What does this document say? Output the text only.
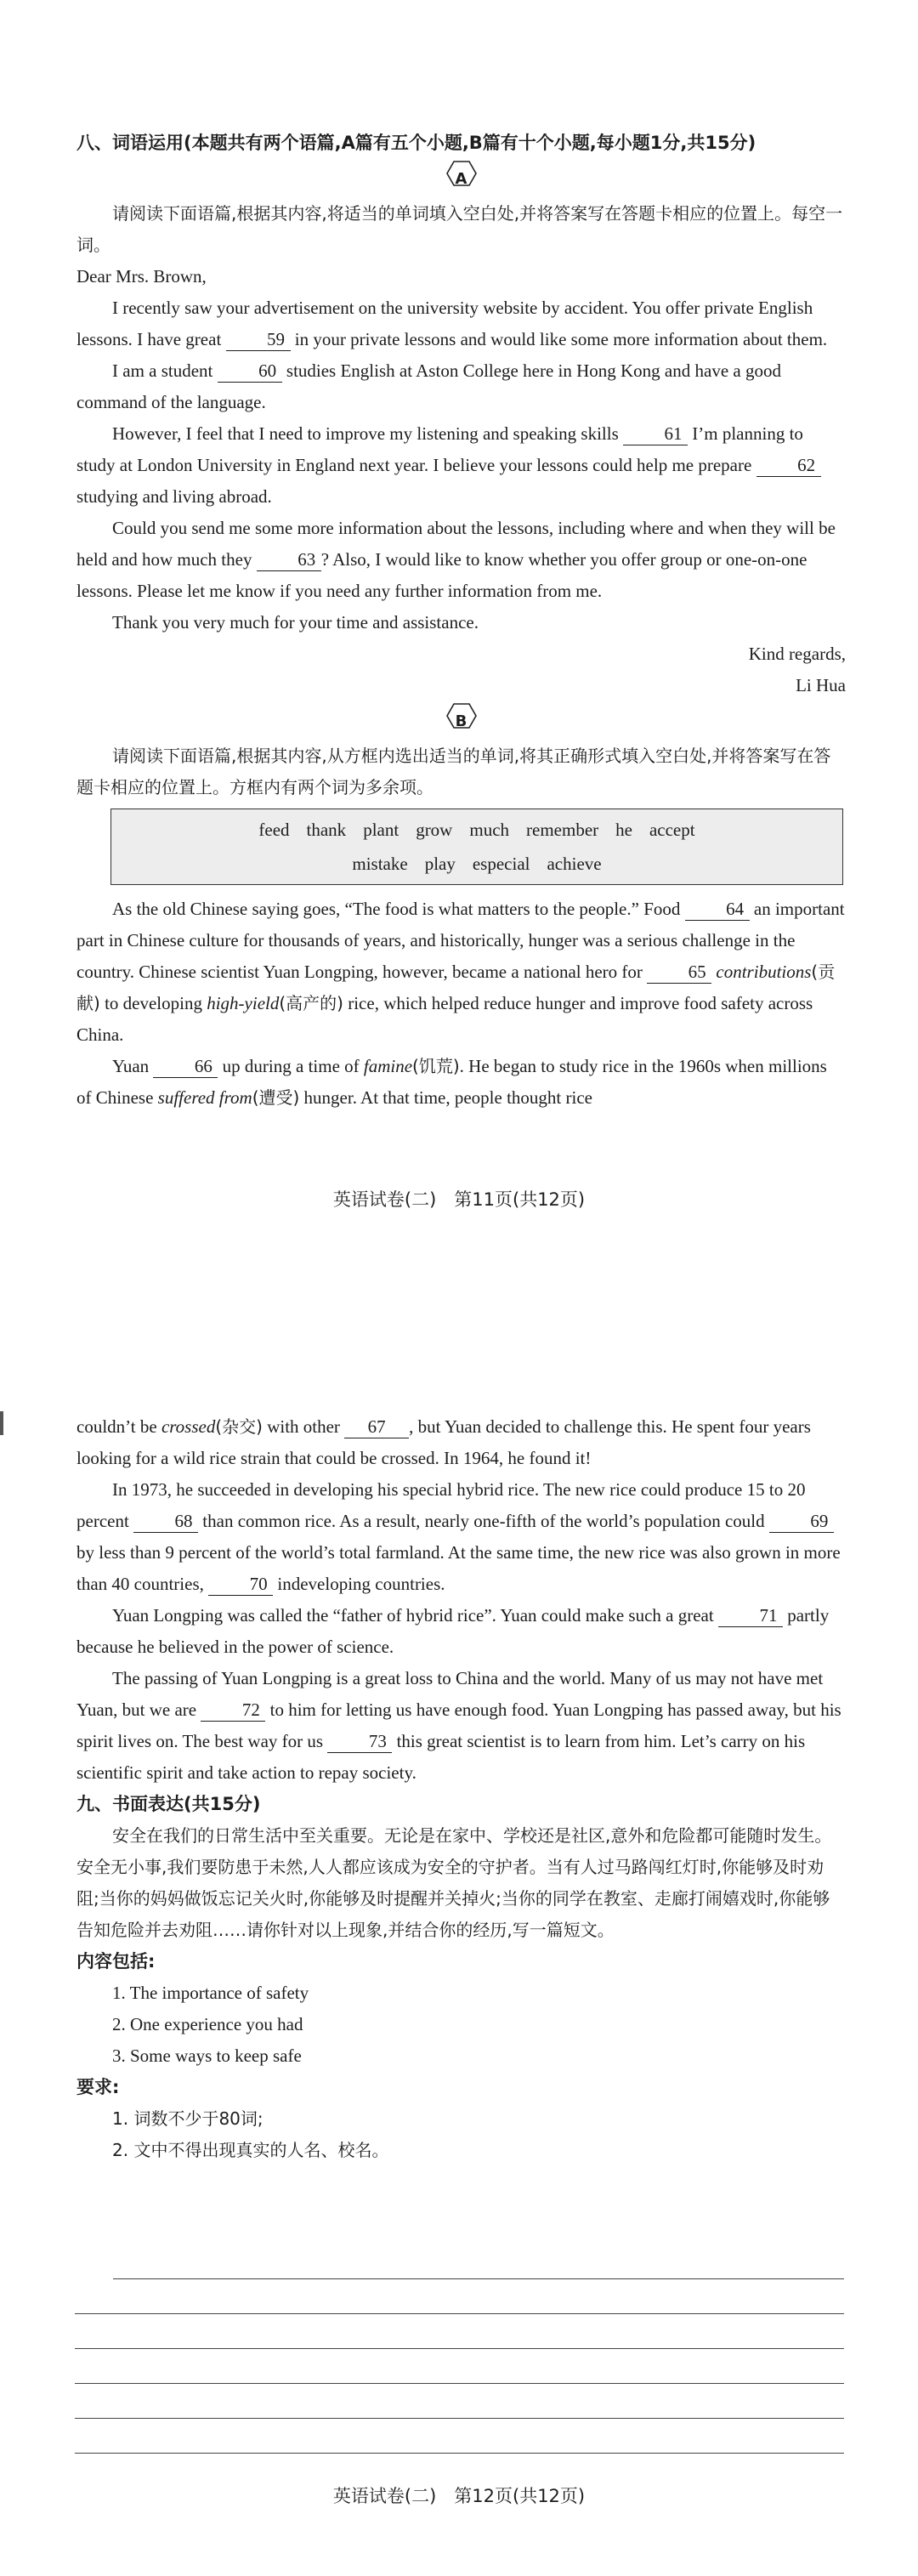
八、词语运用(本题共有两个语篇,A篇有五个小题,B篇有十个小题,每小题1分,共15分)
A

请阅读下面语篇,根据其内容,将适当的单词填入空白处,并将答案写在答题卡相应的位置上。每空一词。

Dear Mrs. Brown,

I recently saw your advertisement on the university website by accident. You offer private English lessons. I have great 59 in your private lessons and would like some more information about them.

I am a student 60 studies English at Aston College here in Hong Kong and have a good command of the language.

However, I feel that I need to improve my listening and speaking skills 61 I’m planning to study at London University in England next year. I believe your lessons could help me prepare 62 studying and living abroad.

Could you send me some more information about the lessons, including where and when they will be held and how much they 63 ? Also, I would like to know whether you offer group or one-on-one lessons. Please let me know if you need any further information from me.

Thank you very much for your time and assistance.

Kind regards,

Li Hua

B

请阅读下面语篇,根据其内容,从方框内选出适当的单词,将其正确形式填入空白处,并将答案写在答题卡相应的位置上。方框内有两个词为多余项。

feed thank plant grow much remember he accept
mistake play especial achieve

As the old Chinese saying goes, “The food is what matters to the people.” Food 64 an important part in Chinese culture for thousands of years, and historically, hunger was a serious challenge in the country. Chinese scientist Yuan Longping, however, became a national hero for 65 contributions(贡献) to developing high-yield(高产的) rice, which helped reduce hunger and improve food safety across China.

Yuan 66 up during a time of famine(饥荒). He began to study rice in the 1960s when millions of Chinese suffered from(遭受) hunger. At that time, people thought rice

英语试卷(二)　第11页(共12页)

couldn’t be crossed(杂交) with other 67 , but Yuan decided to challenge this. He spent four years looking for a wild rice strain that could be crossed. In 1964, he found it!

In 1973, he succeeded in developing his special hybrid rice. The new rice could produce 15 to 20 percent 68 than common rice. As a result, nearly one-fifth of the world’s population could 69 by less than 9 percent of the world’s total farmland. At the same time, the new rice was also grown in more than 40 countries, 70 indeveloping countries.

Yuan Longping was called the “father of hybrid rice”. Yuan could make such a great 71 partly because he believed in the power of science.

The passing of Yuan Longping is a great loss to China and the world. Many of us may not have met Yuan, but we are 72 to him for letting us have enough food. Yuan Longping has passed away, but his spirit lives on. The best way for us 73 this great scientist is to learn from him. Let’s carry on his scientific spirit and take action to repay society.

九、书面表达(共15分)

安全在我们的日常生活中至关重要。无论是在家中、学校还是社区,意外和危险都可能随时发生。安全无小事,我们要防患于未然,人人都应该成为安全的守护者。当有人过马路闯红灯时,你能够及时劝阻;当你的妈妈做饭忘记关火时,你能够及时提醒并关掉火;当你的同学在教室、走廊打闹嬉戏时,你能够告知危险并去劝阻……请你针对以上现象,并结合你的经历,写一篇短文。

内容包括:

1. The importance of safety

2. One experience you had

3. Some ways to keep safe

要求:

1. 词数不少于80词;

2. 文中不得出现真实的人名、校名。

英语试卷(二)　第12页(共12页)
